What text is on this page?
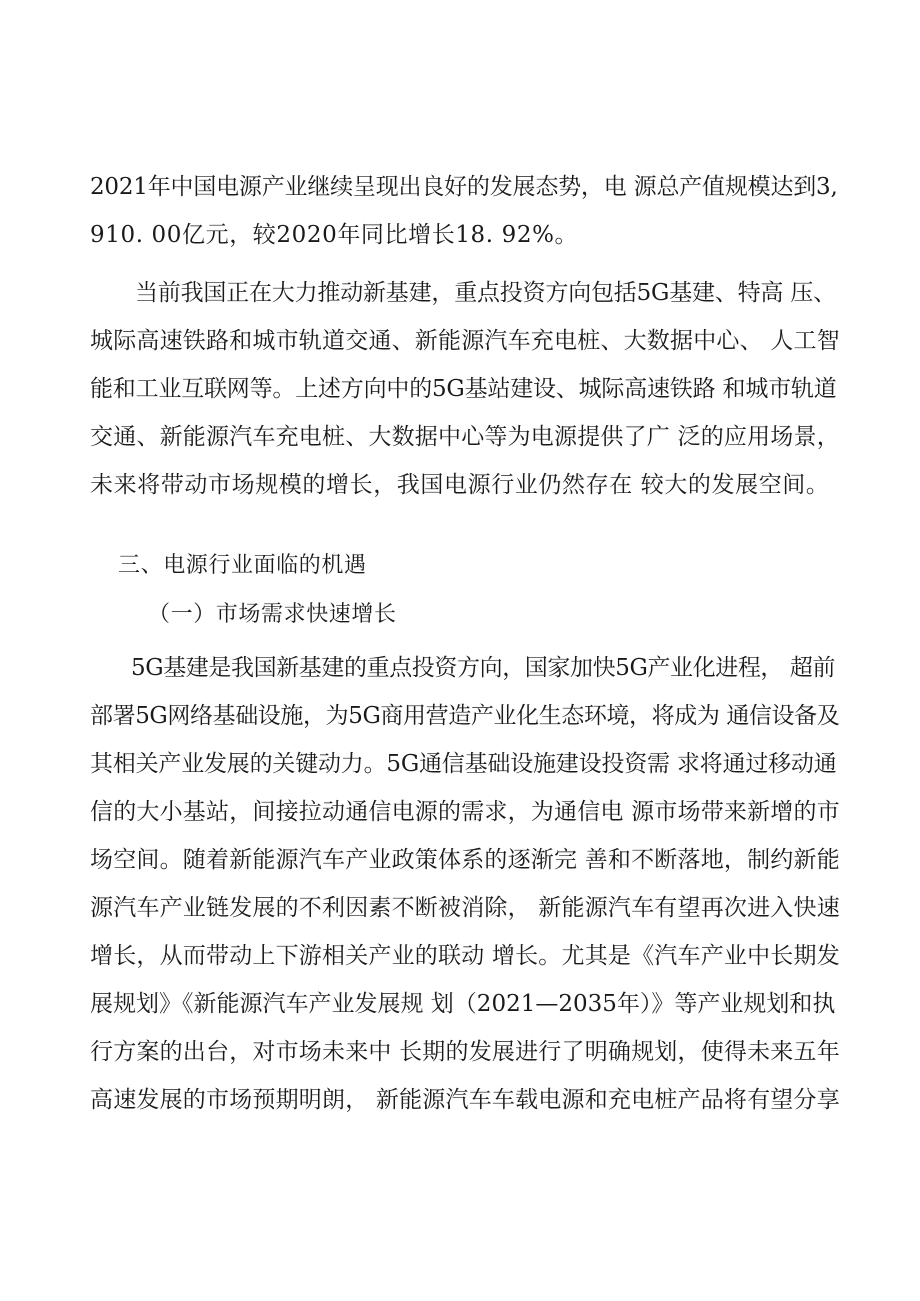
2021年中国电源产业继续呈现出良好的发展态势，电 源总产值规模达到3,
910. 00亿元，较2020年同比增长18. 92%。
当前我国正在大力推动新基建，重点投资方向包括5G基建、特高 压、
城际高速铁路和城市轨道交通、新能源汽车充电桩、大数据中心、 人工智
能和工业互联网等。上述方向中的5G基站建设、城际高速铁路 和城市轨道
交通、新能源汽车充电桩、大数据中心等为电源提供了广 泛的应用场景，
未来将带动市场规模的增长，我国电源行业仍然存在 较大的发展空间。
三、电源行业面临的机遇
（一）市场需求快速增长
5G基建是我国新基建的重点投资方向，国家加快5G产业化进程， 超前
部署5G网络基础设施，为5G商用营造产业化生态环境，将成为 通信设备及
其相关产业发展的关键动力。5G通信基础设施建设投资需 求将通过移动通
信的大小基站，间接拉动通信电源的需求，为通信电 源市场带来新增的市
场空间。随着新能源汽车产业政策体系的逐渐完 善和不断落地，制约新能
源汽车产业链发展的不利因素不断被消除， 新能源汽车有望再次进入快速
增长，从而带动上下游相关产业的联动 增长。尤其是《汽车产业中长期发
展规划》《新能源汽车产业发展规 划（2021—2035年）》等产业规划和执
行方案的出台，对市场未来中 长期的发展进行了明确规划，使得未来五年
高速发展的市场预期明朗， 新能源汽车车载电源和充电桩产品将有望分享
